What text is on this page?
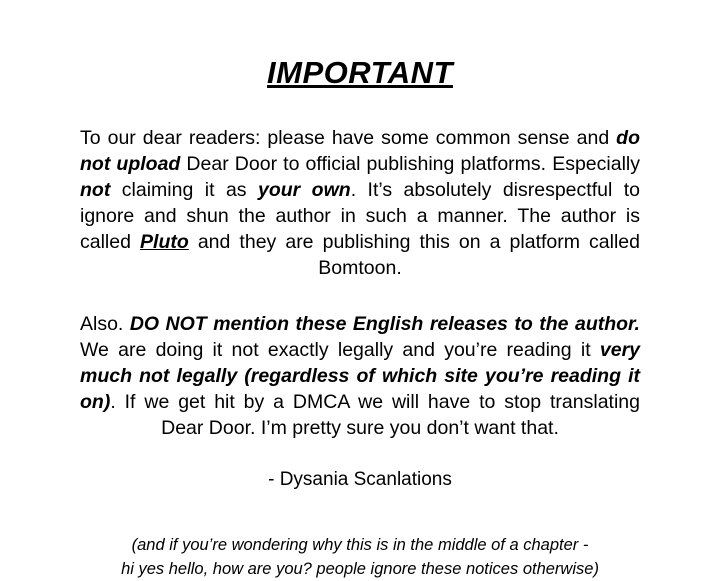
IMPORTANT

To our dear readers: please have some common sense and do not upload Dear Door to official publishing platforms. Especially not claiming it as your own. It’s absolutely disrespectful to ignore and shun the author in such a manner. The author is called Pluto and they are publishing this on a platform called Bomtoon.

Also. DO NOT mention these English releases to the author. We are doing it not exactly legally and you’re reading it very much not legally (regardless of which site you’re reading it on). If we get hit by a DMCA we will have to stop translating Dear Door. I’m pretty sure you don’t want that.

- Dysania Scanlations
(and if you’re wondering why this is in the middle of a chapter -
hi yes hello, how are you? people ignore these notices otherwise)
